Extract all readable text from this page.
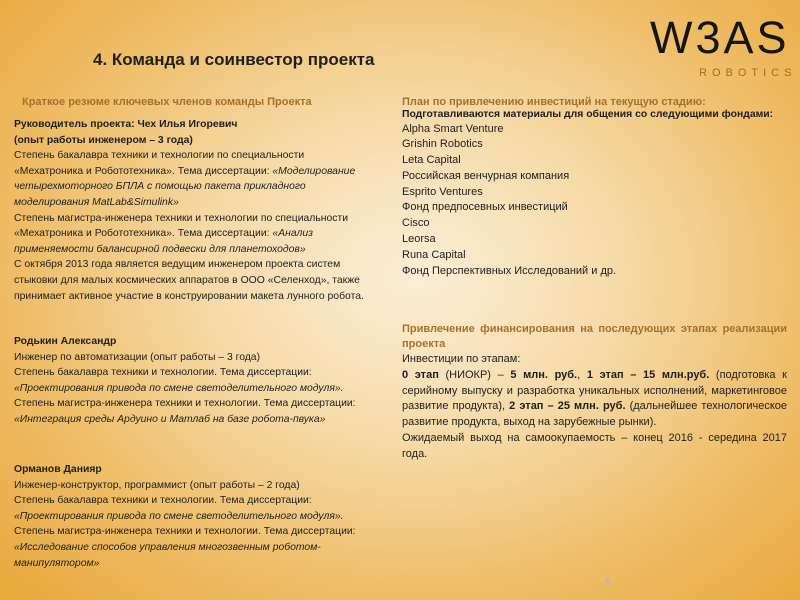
4. Команда и соинвестор проекта	W3AS
ROBOTICS
Краткое резюме ключевых членов команды Проекта

Руководитель проекта: Чех Илья Игоревич

(опыт работы инженером – 3 года)

Степень бакалавра техники и технологии по специальности «Мехатроника и Робототехника». Тема диссертации: «Моделирование четырехмоторного БПЛА с помощью пакета прикладного моделирования MatLab&Simulink»

Степень магистра-инженера техники и технологии по специальности «Мехатроника и Робототехника». Тема диссертации: «Анализ применяемости балансирной подвески для планетоходов»

С октября 2013 года является ведущим инженером проекта систем стыковки для малых космических аппаратов в ООО «Селенход», также принимает активное участие в конструировании макета лунного робота.

Родькин Александр

Инженер по автоматизации (опыт работы – 3 года)

Степень бакалавра техники и технологии. Тема диссертации: «Проектирования привода по смене светоделительного модуля».

Степень магистра-инженера техники и технологии. Тема диссертации: «Интеграция среды Ардуино и Матлаб на базе робота-пвука»

Орманов Данияр

Инженер-конструктор, программист (опыт работы – 2 года)

Степень бакалавра техники и технологии. Тема диссертации: «Проектирования привода по смене светоделительного модуля».

Степень магистра-инженера техники и технологии. Тема диссертации: «Исследование способов управления многозвенным роботом-манипулятором»

План по привлечению инвестиций на текущую стадию:

Подготавливаются материалы для общения со следующими фондами:

Alpha Smart Venture

Grishin Robotics

Leta Capital

Российская венчурная компания

Esprito Ventures

Фонд предпосевных инвестиций

Cisco

Leorsa

Runa Capital

Фонд Перспективных Исследований и др.

Привлечение финансирования на последующих этапах реализации проекта

Инвестиции по этапам:

0 этап (НИОКР) – 5 млн. руб., 1 этап – 15 млн.руб. (подготовка к серийному выпуску и разработка уникальных исполнений, маркетинговое развитие продукта), 2 этап – 25 млн. руб. (дальнейшее технологическое развитие продукта, выход на зарубежные рынки).

Ожидаемый выход на самоокупаемость – конец 2016 - середина 2017 года.

6
